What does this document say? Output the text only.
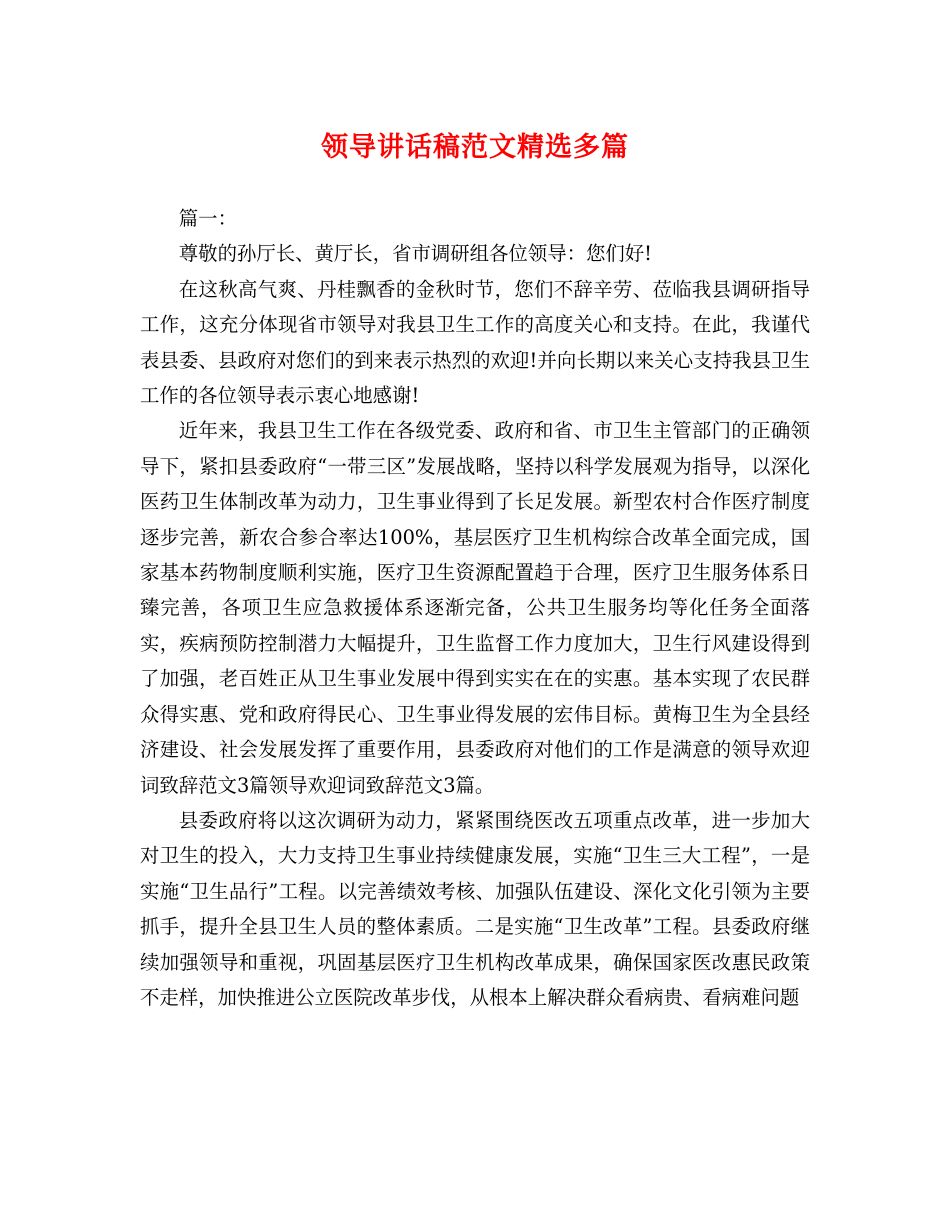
领导讲话稿范文精选多篇

篇一：

尊敬的孙厅长、黄厅长，省市调研组各位领导：您们好!

在这秋高气爽、丹桂飘香的金秋时节，您们不辞辛劳、莅临我县调研指导工作，这充分体现省市领导对我县卫生工作的高度关心和支持。在此，我谨代表县委、县政府对您们的到来表示热烈的欢迎!并向长期以来关心支持我县卫生工作的各位领导表示衷心地感谢!

近年来，我县卫生工作在各级党委、政府和省、市卫生主管部门的正确领导下，紧扣县委政府“一带三区”发展战略，坚持以科学发展观为指导，以深化医药卫生体制改革为动力，卫生事业得到了长足发展。新型农村合作医疗制度逐步完善，新农合参合率达100%，基层医疗卫生机构综合改革全面完成，国家基本药物制度顺利实施，医疗卫生资源配置趋于合理，医疗卫生服务体系日臻完善，各项卫生应急救援体系逐渐完备，公共卫生服务均等化任务全面落实，疾病预防控制潜力大幅提升，卫生监督工作力度加大，卫生行风建设得到了加强，老百姓正从卫生事业发展中得到实实在在的实惠。基本实现了农民群众得实惠、党和政府得民心、卫生事业得发展的宏伟目标。黄梅卫生为全县经济建设、社会发展发挥了重要作用，县委政府对他们的工作是满意的领导欢迎词致辞范文3篇领导欢迎词致辞范文3篇。

县委政府将以这次调研为动力，紧紧围绕医改五项重点改革，进一步加大对卫生的投入，大力支持卫生事业持续健康发展，实施“卫生三大工程”，一是实施“卫生品行”工程。以完善绩效考核、加强队伍建设、深化文化引领为主要抓手，提升全县卫生人员的整体素质。二是实施“卫生改革”工程。县委政府继续加强领导和重视，巩固基层医疗卫生机构改革成果，确保国家医改惠民政策不走样，加快推进公立医院改革步伐，从根本上解决群众看病贵、看病难问题
